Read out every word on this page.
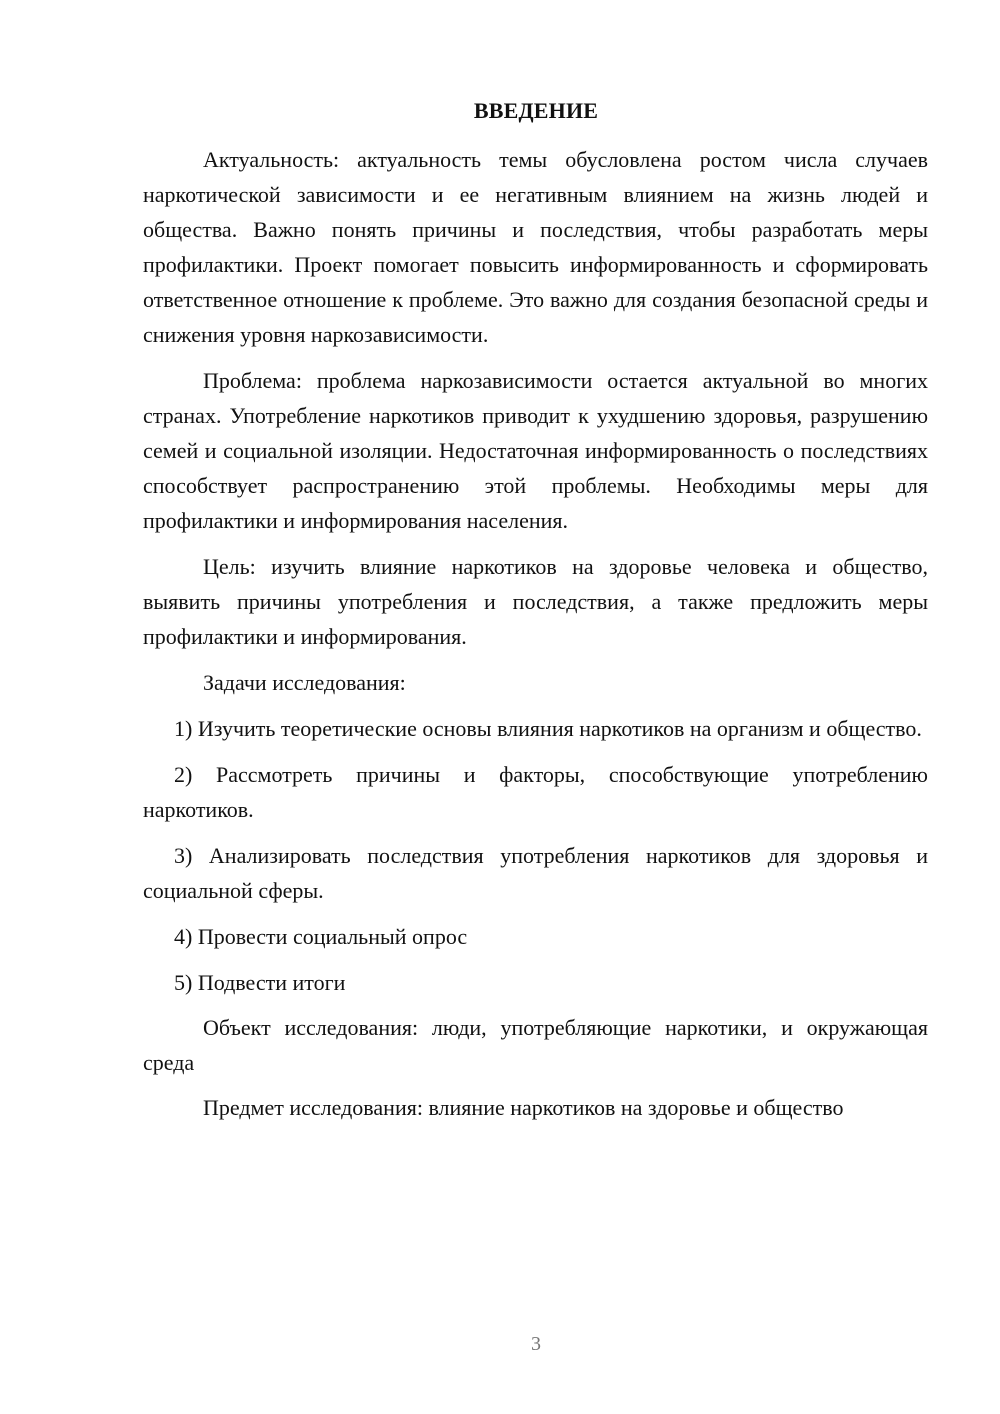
ВВЕДЕНИЕ

Актуальность: актуальность темы обусловлена ростом числа случаев наркотической зависимости и ее негативным влиянием на жизнь людей и общества. Важно понять причины и последствия, чтобы разработать меры профилактики. Проект помогает повысить информированность и сформировать ответственное отношение к проблеме. Это важно для создания безопасной среды и снижения уровня наркозависимости.

Проблема: проблема наркозависимости остается актуальной во многих странах. Употребление наркотиков приводит к ухудшению здоровья, разрушению семей и социальной изоляции. Недостаточная информированность о последствиях способствует распространению этой проблемы. Необходимы меры для профилактики и информирования населения.

Цель: изучить влияние наркотиков на здоровье человека и общество, выявить причины употребления и последствия, а также предложить меры профилактики и информирования.

Задачи исследования:

1) Изучить теоретические основы влияния наркотиков на организм и общество.

2) Рассмотреть причины и факторы, способствующие употреблению наркотиков.

3) Анализировать последствия употребления наркотиков для здоровья и социальной сферы.

4) Провести социальный опрос

5) Подвести итоги

Объект исследования: люди, употребляющие наркотики, и окружающая среда

Предмет исследования: влияние наркотиков на здоровье и общество

3
